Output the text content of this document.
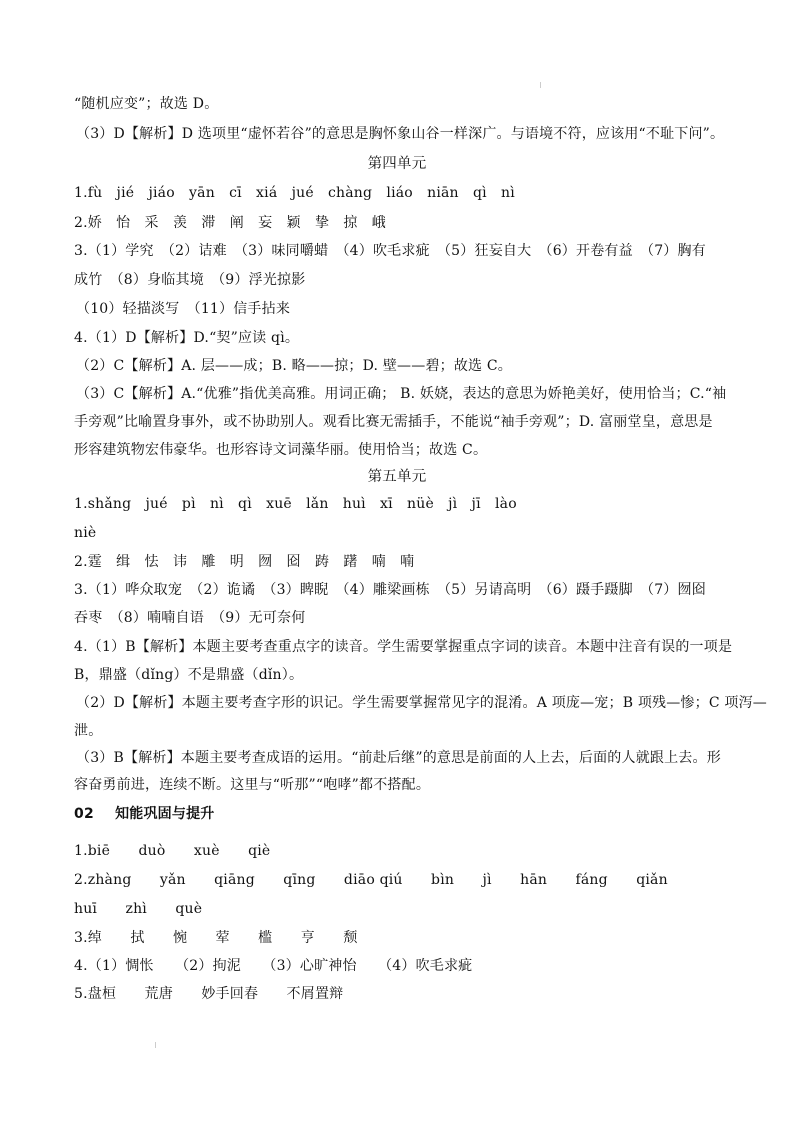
“随机应变”；故选 D。
（3）D【解析】D 选项里“虚怀若谷”的意思是胸怀象山谷一样深广。与语境不符，应该用“不耻下问”。
第四单元
1.fù　jié　jiáo　yān　cī　xiá　jué　chàng　liáo　niān　qì　nì
2.娇　怡　采　羡　滞　阐　妄　颖　挚　掠　峨
3.（1）学究　（2）诘难　（3）味同嚼蜡　（4）吹毛求疵　（5）狂妄自大　（6）开卷有益　（7）胸有
成竹　（8）身临其境　（9）浮光掠影
（10）轻描淡写　（11）信手拈来
4.（1）D【解析】D.“契”应读 qì。
（2）C【解析】A. 层——成；B. 略——掠；D. 壁——碧；故选 C。
（3）C【解析】A.“优雅”指优美高雅。用词正确； B. 妖娆，表达的意思为娇艳美好，使用恰当；C.“袖
手旁观”比喻置身事外，或不协助别人。观看比赛无需插手，不能说“袖手旁观”；D. 富丽堂皇，意思是
形容建筑物宏伟豪华。也形容诗文词藻华丽。使用恰当；故选 C。
第五单元
1.shǎng　jué　pì　nì　qì　xuē　lǎn　huì　xī　nüè　jì　jī　lào
niè
2.霆　缉　怯　讳　雕　明　囫　囵　踌　躇　喃　喃
3.（1）哗众取宠　（2）诡谲　（3）睥睨　（4）雕梁画栋　（5）另请高明　（6）蹑手蹑脚　（7）囫囵
吞枣　（8）喃喃自语　（9）无可奈何
4.（1）B【解析】本题主要考查重点字的读音。学生需要掌握重点字词的读音。本题中注音有误的一项是
B，鼎盛（dǐng）不是鼎盛（dǐn）。
（2）D【解析】本题主要考查字形的识记。学生需要掌握常见字的混淆。A 项庞—宠；B 项残—惨；C 项泻—
泄。
（3）B【解析】本题主要考查成语的运用。“前赴后继”的意思是前面的人上去，后面的人就跟上去。形
容奋勇前进，连续不断。这里与“听那”“咆哮”都不搭配。
02 知能巩固与提升
1.biē　　duò　　xuè　　qiè
2.zhàng　　yǎn　　qiāng　　qīng　　diāo qiú　　bìn　　jì　　hān　　fáng　　qiǎn
huī　　zhì　　què
3.绰　　拭　　惋　　荤　　槛　　亨　　颓
4.（1）惆怅　　（2）拘泥　　（3）心旷神怡　　（4）吹毛求疵
5.盘桓　　荒唐　　妙手回春　　不屑置辩
